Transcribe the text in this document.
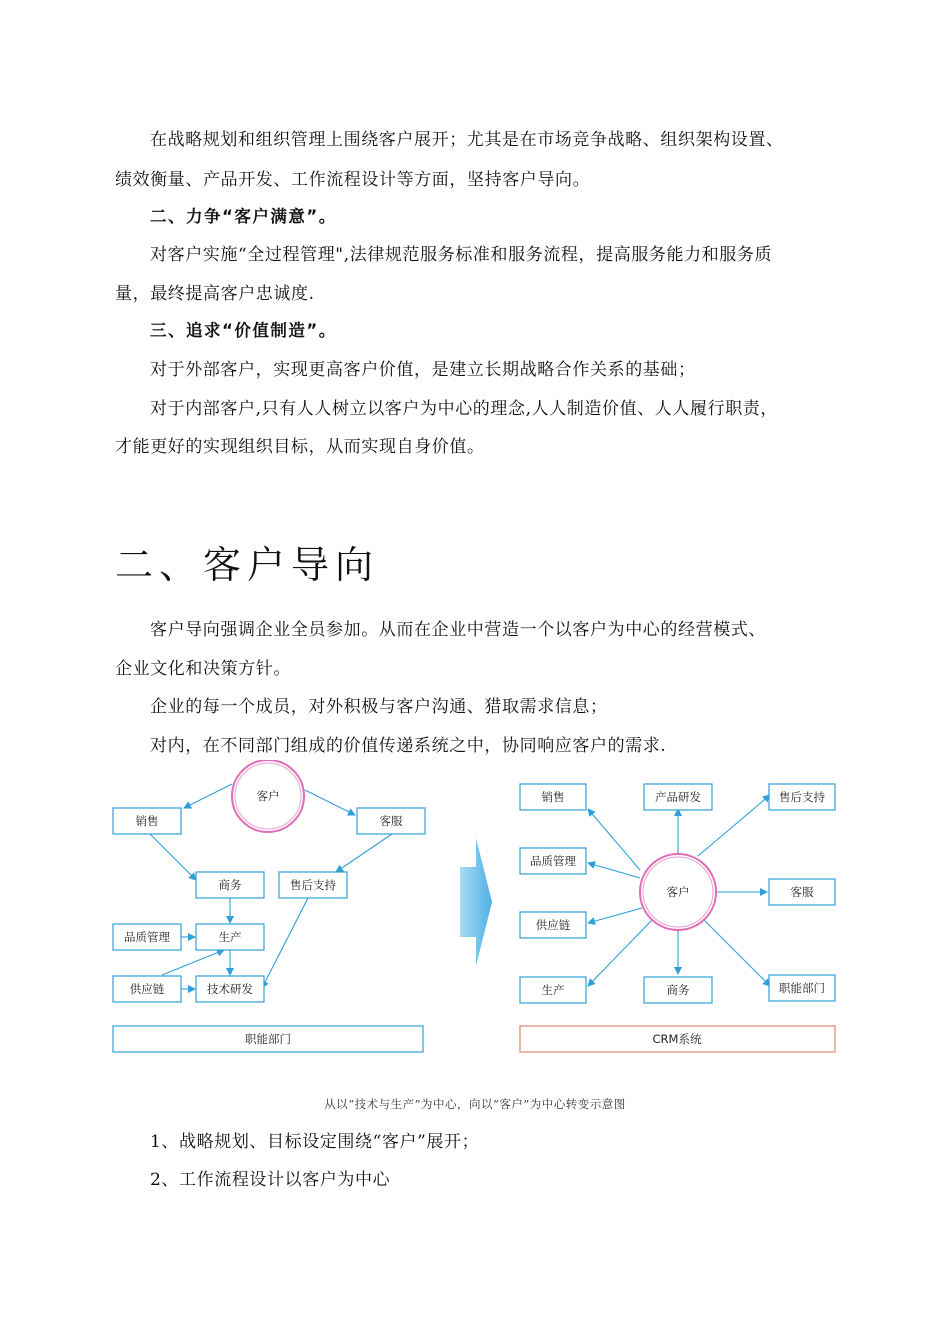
在战略规划和组织管理上围绕客户展开；尤其是在市场竞争战略、组织架构设置、
绩效衡量、产品开发、工作流程设计等方面，坚持客户导向。
二、力争“客户满意”。
对客户实施“全过程管理",法律规范服务标准和服务流程，提高服务能力和服务质
量，最终提高客户忠诚度.
三、追求“价值制造”。
对于外部客户，实现更高客户价值，是建立长期战略合作关系的基础；
对于内部客户,只有人人树立以客户为中心的理念,人人制造价值、人人履行职责，
才能更好的实现组织目标，从而实现自身价值。
二、客户导向
客户导向强调企业全员参加。从而在企业中营造一个以客户为中心的经营模式、
企业文化和决策方针。
企业的每一个成员，对外积极与客户沟通、猎取需求信息；
对内，在不同部门组成的价值传递系统之中，协同响应客户的需求.
客户
销售	客服
商务	售后支持
品质管理	生产
供应链	技术研发
职能部门
客户
销售	产品研发	售后支持
品质管理
客服
供应链
生产	商务	职能部门
CRM系统
从以“技术与生产”为中心，向以“客户”为中心转变示意图
1、战略规划、目标设定围绕“客户”展开；
2、工作流程设计以客户为中心
